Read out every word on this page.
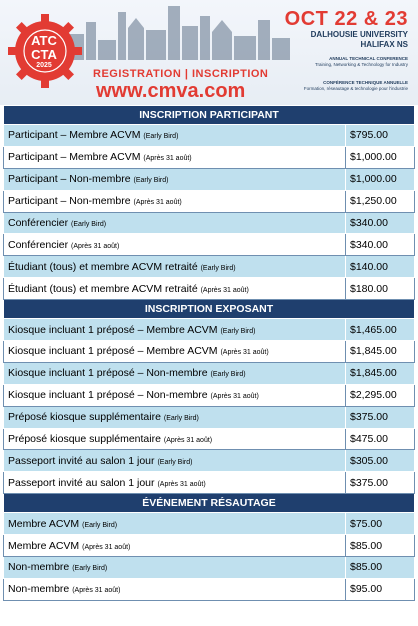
ATC
CTA
2025
REGISTRATION | INSCRIPTION
www.cmva.com
OCT 22 & 23
DALHOUSIE UNIVERSITY
HALIFAX NS
ANNUAL TECHNICAL CONFERENCE
Training, Networking & Technology for Industry
CONFÉRENCE TECHNIQUE ANNUELLE
Formation, réseautage & technologie pour l'industrie
INSCRIPTION PARTICIPANT	
Participant – Membre ACVM (Early Bird)	$795.00
Participant – Membre ACVM (Après 31 août)	$1,000.00
Participant – Non-membre (Early Bird)	$1,000.00
Participant – Non-membre (Après 31 août)	$1,250.00
Conférencier (Early Bird)	$340.00
Conférencier (Après 31 août)	$340.00
Étudiant (tous) et membre ACVM retraité (Early Bird)	$140.00
Étudiant (tous) et membre ACVM retraité (Après 31 août)	$180.00
INSCRIPTION EXPOSANT	
Kiosque incluant 1 préposé – Membre ACVM (Early Bird)	$1,465.00
Kiosque incluant 1 préposé – Membre ACVM (Après 31 août)	$1,845.00
Kiosque incluant 1 préposé – Non-membre (Early Bird)	$1,845.00
Kiosque incluant 1 préposé – Non-membre (Après 31 août)	$2,295.00
Préposé kiosque supplémentaire (Early Bird)	$375.00
Préposé kiosque supplémentaire (Après 31 août)	$475.00
Passeport invité au salon 1 jour (Early Bird)	$305.00
Passeport invité au salon 1 jour (Après 31 août)	$375.00
ÉVÉNEMENT RÉSAUTAGE	
Membre ACVM (Early Bird)	$75.00
Membre ACVM (Après 31 août)	$85.00
Non-membre (Early Bird)	$85.00
Non-membre (Après 31 août)	$95.00
